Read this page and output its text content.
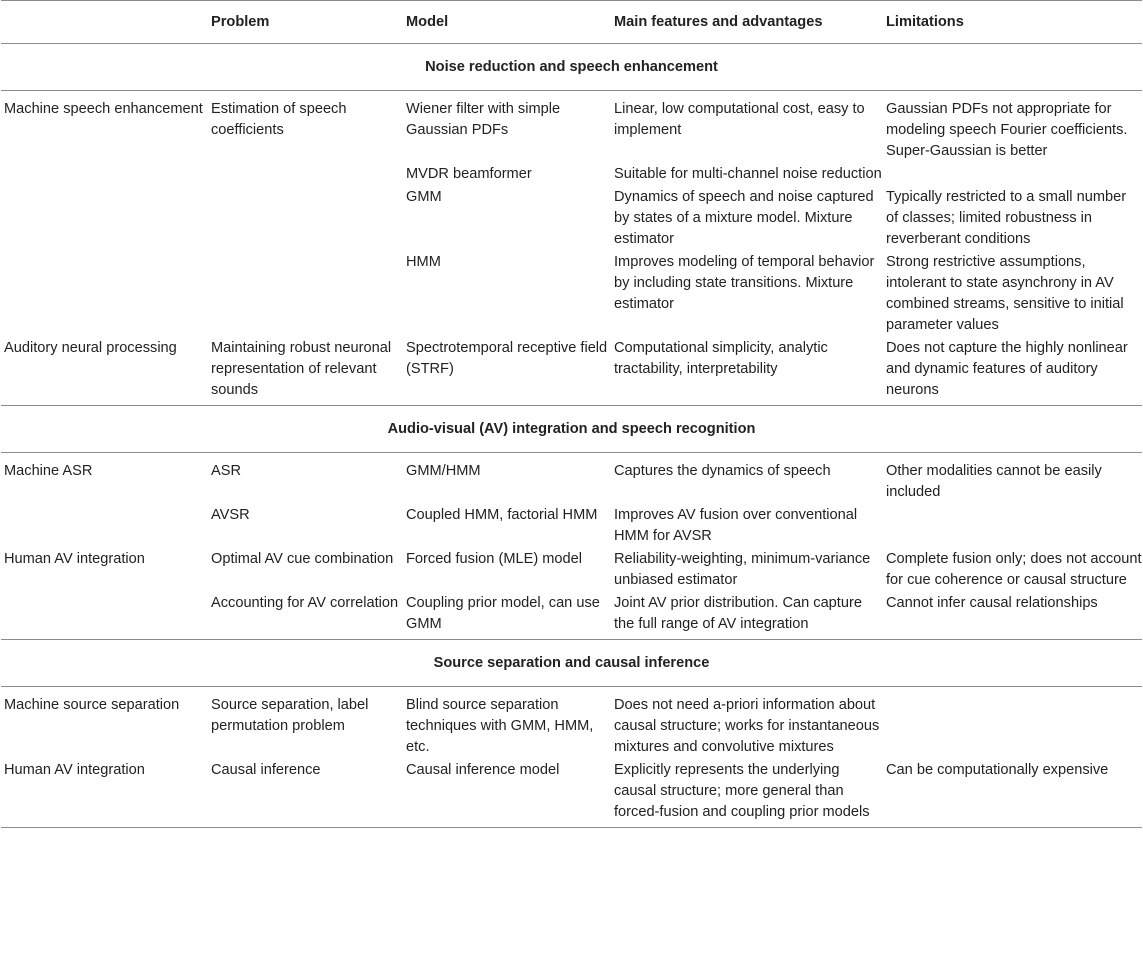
	Problem	Model	Main features and advantages	Limitations
Noise reduction and speech enhancement				
Machine speech enhancement	Estimation of speech coefficients	Wiener filter with simple Gaussian PDFs	Linear, low computational cost, easy to implement	Gaussian PDFs not appropriate for modeling speech Fourier coefficients. Super-Gaussian is better
		MVDR beamformer	Suitable for multi-channel noise reduction	
		GMM	Dynamics of speech and noise captured by states of a mixture model. Mixture estimator	Typically restricted to a small number of classes; limited robustness in reverberant conditions
		HMM	Improves modeling of temporal behavior by including state transitions. Mixture estimator	Strong restrictive assumptions, intolerant to state asynchrony in AV combined streams, sensitive to initial parameter values
Auditory neural processing	Maintaining robust neuronal representation of relevant sounds	Spectrotemporal receptive field (STRF)	Computational simplicity, analytic tractability, interpretability	Does not capture the highly nonlinear and dynamic features of auditory neurons
Audio-visual (AV) integration and speech recognition				
Machine ASR	ASR	GMM/HMM	Captures the dynamics of speech	Other modalities cannot be easily included
	AVSR	Coupled HMM, factorial HMM	Improves AV fusion over conventional HMM for AVSR	
Human AV integration	Optimal AV cue combination	Forced fusion (MLE) model	Reliability-weighting, minimum-variance unbiased estimator	Complete fusion only; does not account for cue coherence or causal structure
	Accounting for AV correlation	Coupling prior model, can use GMM	Joint AV prior distribution. Can capture the full range of AV integration	Cannot infer causal relationships
Source separation and causal inference				
Machine source separation	Source separation, label permutation problem	Blind source separation techniques with GMM, HMM, etc.	Does not need a-priori information about causal structure; works for instantaneous mixtures and convolutive mixtures	
Human AV integration	Causal inference	Causal inference model	Explicitly represents the underlying causal structure; more general than forced-fusion and coupling prior models	Can be computationally expensive
